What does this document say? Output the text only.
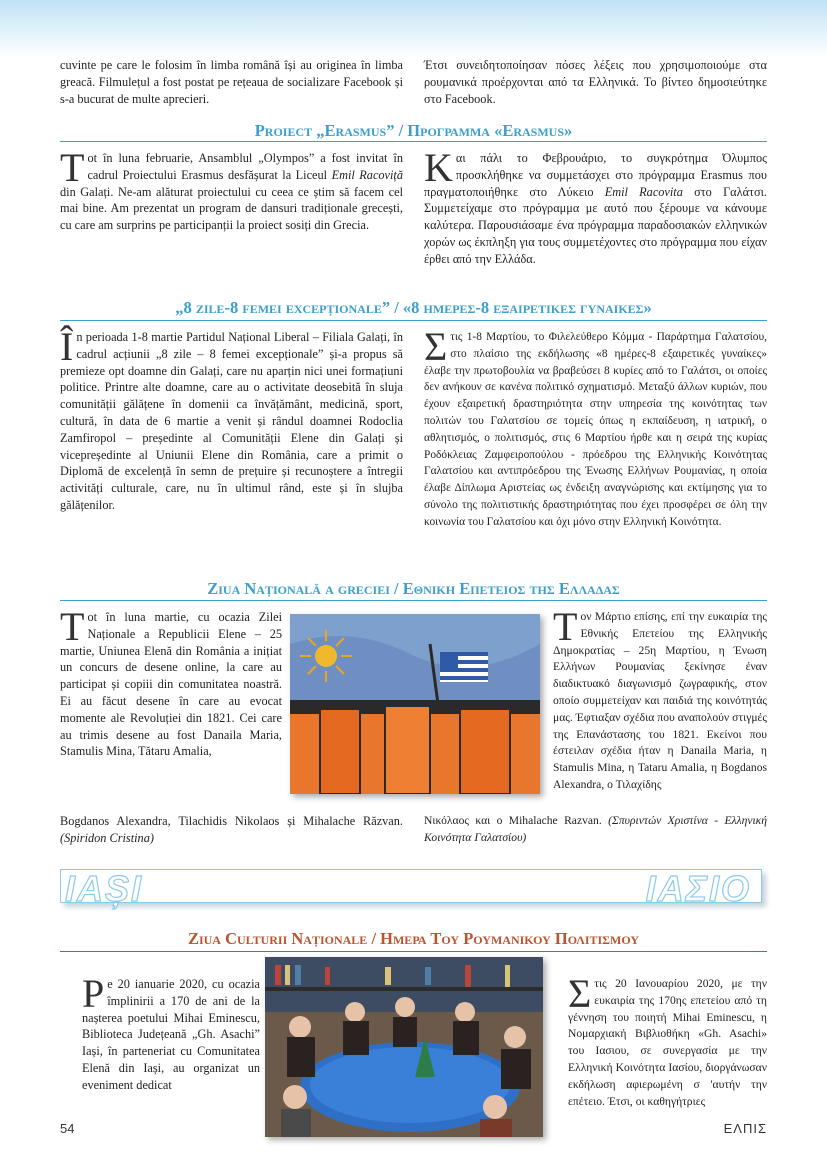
cuvinte pe care le folosim în limba română își au originea în limba greacă. Filmulețul a fost postat pe rețeaua de socializare Facebook și s-a bucurat de multe aprecieri.

Έτσι συνειδητοποίησαν πόσες λέξεις που χρησιμοποιούμε στα ρουμανικά προέρχονται από τα Ελληνικά. Το βίντεο δημοσιεύτηκε στο Facebook.

Proiect „Erasmus” / Προγραμμα «Erasmus»

Tot în luna februarie, Ansamblul „Olympos” a fost invitat în cadrul Proiectului Erasmus desfășurat la Liceul Emil Racoviță din Galați. Ne-am alăturat proiectului cu ceea ce știm să facem cel mai bine. Am prezentat un program de dansuri tradiționale grecești, cu care am surprins pe participanții la proiect sosiți din Grecia.

Kαι πάλι το Φεβρουάριο, το συγκρότημα Όλυμπος προσκλήθηκε να συμμετάσχει στο πρόγραμμα Erasmus που πραγματοποιήθηκε στο Λύκειο Emil Racovita στο Γαλάτσι. Συμμετείχαμε στο πρόγραμμα με αυτό που ξέρουμε να κάνουμε καλύτερα. Παρουσιάσαμε ένα πρόγραμμα παραδοσιακών ελληνικών χορών ως έκπληξη για τους συμμετέχοντες στο πρόγραμμα που είχαν έρθει από την Ελλάδα.

„8 zile-8 femei excepționale” / «8 ημερες-8 εξαιρετικες γυναικες»

În perioada 1-8 martie Partidul Național Liberal – Filiala Galați, în cadrul acțiunii „8 zile – 8 femei excepționale” și-a propus să premieze opt doamne din Galați, care nu aparțin nici unei formațiuni politice. Printre alte doamne, care au o activitate deosebită în sluja comunității gălățene în domenii ca învățământ, medicină, sport, cultură, în data de 6 martie a venit și rândul doamnei Rodoclia Zamfiropol – președinte al Comunității Elene din Galați și vicepreședinte al Uniunii Elene din România, care a primit o Diplomă de excelență în semn de prețuire și recunoștere a întregii activități culturale, care, nu în ultimul rând, este și în slujba gălățenilor.

Στις 1-8 Μαρτίου, το Φιλελεύθερο Κόμμα - Παράρτημα Γαλατσίου, στο πλαίσιο της εκδήλωσης «8 ημέρες-8 εξαιρετικές γυναίκες» έλαβε την πρωτοβουλία να βραβεύσει 8 κυρίες από το Γαλάτσι, οι οποίες δεν ανήκουν σε κανένα πολιτικό σχηματισμό. Μεταξύ άλλων κυριών, που έχουν εξαιρετική δραστηριότητα στην υπηρεσία της κοινότητας των πολιτών του Γαλατσίου σε τομείς όπως η εκπαίδευση, η ιατρική, ο αθλητισμός, ο πολιτισμός, στις 6 Μαρτίου ήρθε και η σειρά της κυρίας Ροδόκλειας Ζαμφειροπούλου - πρόεδρου της Ελληνικής Κοινότητας Γαλατσίου και αντιπρόεδρου της Ένωσης Ελλήνων Ρουμανίας, η οποία έλαβε Δίπλωμα Αριστείας ως ένδειξη αναγνώρισης και εκτίμησης για το σύνολο της πολιτιστικής δραστηριότητας που έχει προσφέρει σε όλη την κοινωνία του Γαλατσίου και όχι μόνο στην Ελληνική Κοινότητα.

Ziua Națională a greciei / Εθνικη Επετειος της Ελλαδας

Tot în luna martie, cu ocazia Zilei Naționale a Republicii Elene – 25 martie, Uniunea Elenă din România a inițiat un concurs de desene online, la care au participat și copiii din comunitatea noastră. Ei au făcut desene în care au evocat momente ale Revoluției din 1821. Cei care au trimis desene au fost Danaila Maria, Stamulis Mina, Tătaru Amalia,

Bogdanos Alexandra, Tilachidis Nikolaos și Mihalache Răzvan.(Spiridon Cristina)

Tον Μάρτιο επίσης, επί την ευκαιρία της Εθνικής Επετείου της Ελληνικής Δημοκρατίας – 25η Μαρτίου, η Ένωση Ελλήνων Ρουμανίας ξεκίνησε έναν διαδικτυακό διαγωνισμό ζωγραφικής, στον οποίο συμμετείχαν και παιδιά της κοινότητάς μας. Έφτιαξαν σχέδια που αναπολούν στιγμές της Επανάστασης του 1821. Εκείνοι που έστειλαν σχέδια ήταν η Danaila Maria, η Stamulis Mina, η Tataru Amalia, η Bogdanos Alexandra, ο Τιλαχίδης

Νικόλαος και ο Mihalache Razvan. (Σπυριντών Χριστίνα - Ελληνική Κοινότητα Γαλατσίου)

IAȘI	ΙΑΣΙΟ
Ziua Culturii Naționale / Ημερα Του Ρουμανικου Πολιτισμου

Pe 20 ianuarie 2020, cu ocazia împlinirii a 170 de ani de la nașterea poetului Mihai Eminescu, Biblioteca Județeană „Gh. Asachi” Iași, în parteneriat cu Comunitatea Elenă din Iași, au organizat un eveniment dedicat

Στις 20 Ιανουαρίου 2020, με την ευκαιρία της 170ης επετείου από τη γέννηση του ποιητή Mihai Eminescu, η Νομαρχιακή Βιβλιοθήκη «Gh. Asachi» του Iασιου, σε συνεργασία με την Ελληνική Κοινότητα Iασίου, διοργάνωσαν εκδήλωση αφιερωμένη σ 'αυτήν την επέτειο. Έτσι, οι καθηγήτριες

54	ΕΛΠΙΣ
